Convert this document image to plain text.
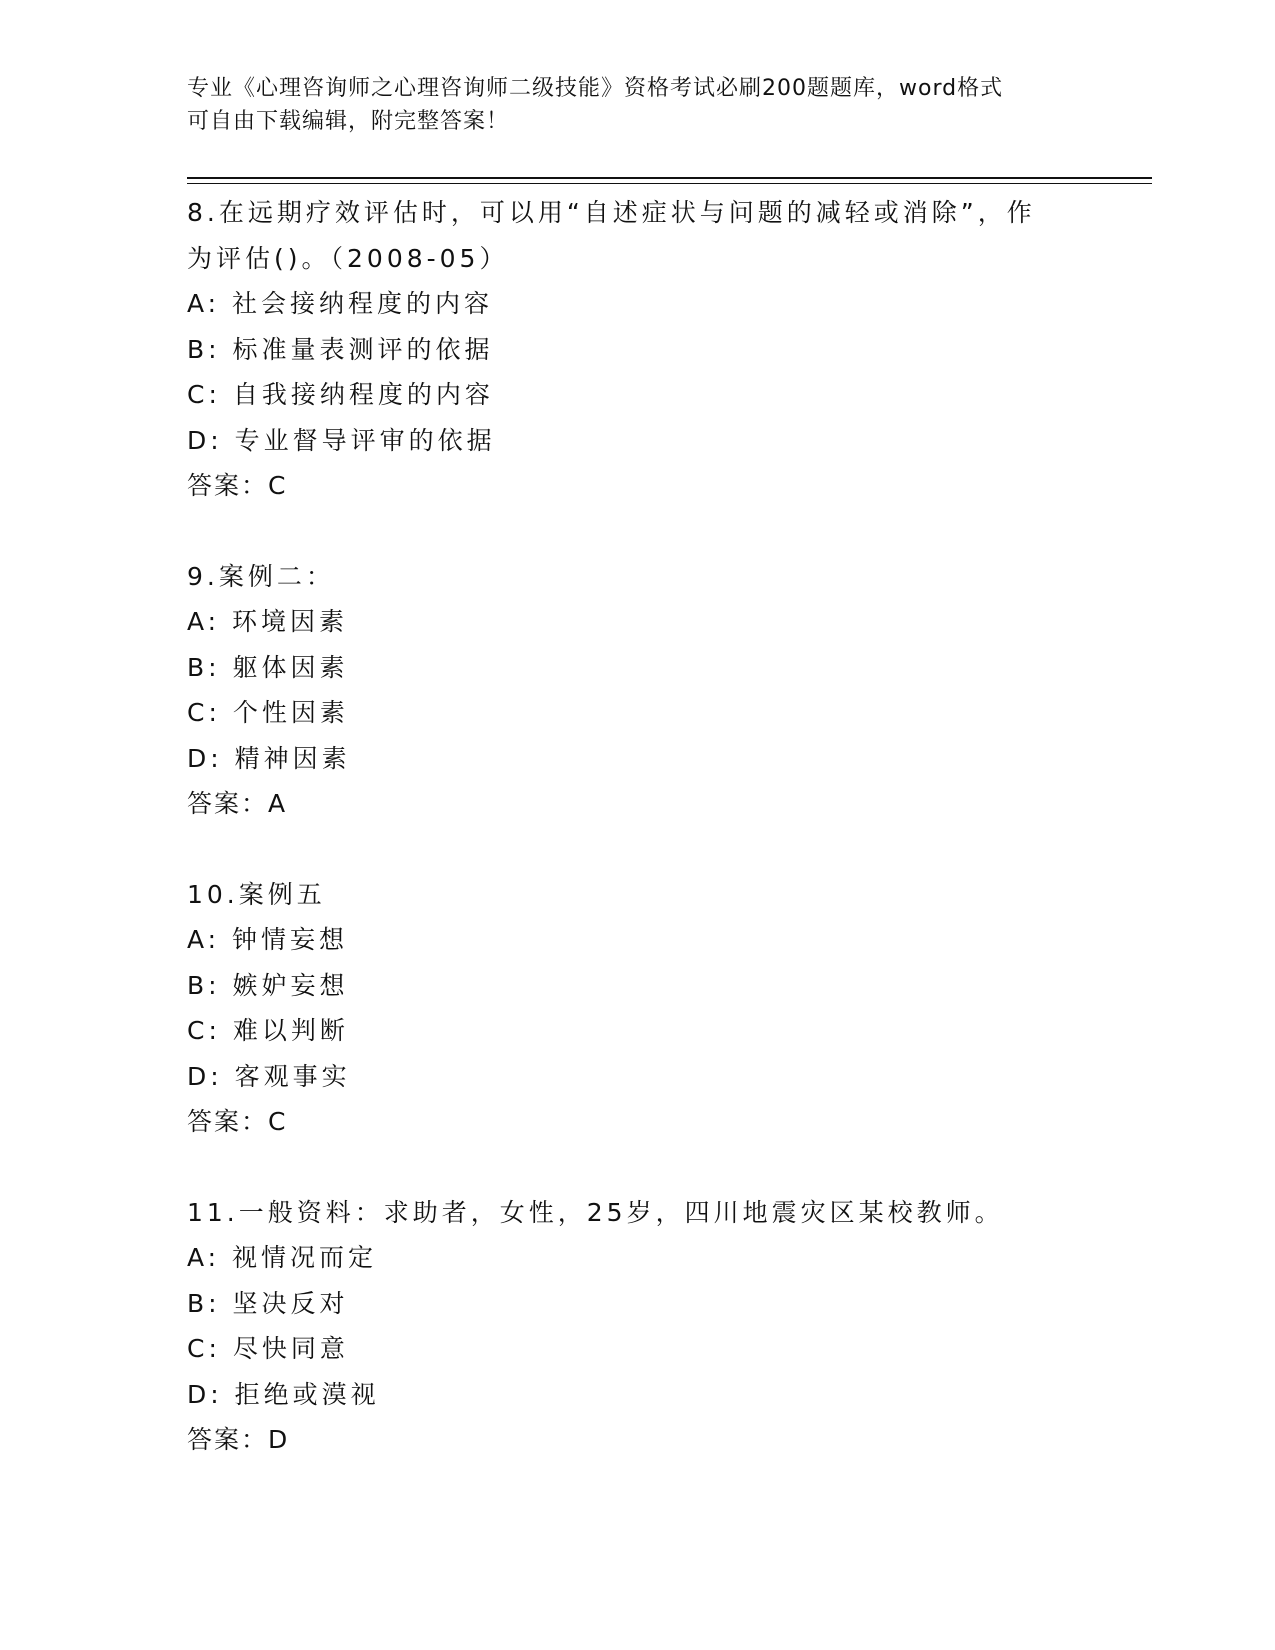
专业《心理咨询师之心理咨询师二级技能》资格考试必刷200题题库，word格式
可自由下载编辑，附完整答案！
8.在远期疗效评估时，可以用“自述症状与问题的减轻或消除”，作为评估()。（2008-05）
A: 社会接纳程度的内容
B: 标准量表测评的依据
C: 自我接纳程度的内容
D: 专业督导评审的依据
答案：C
9.案例二：
A: 环境因素
B: 躯体因素
C: 个性因素
D: 精神因素
答案：A
10.案例五
A: 钟情妄想
B: 嫉妒妄想
C: 难以判断
D: 客观事实
答案：C
11.一般资料：求助者，女性，25岁，四川地震灾区某校教师。
A: 视情况而定
B: 坚决反对
C: 尽快同意
D: 拒绝或漠视
答案：D
